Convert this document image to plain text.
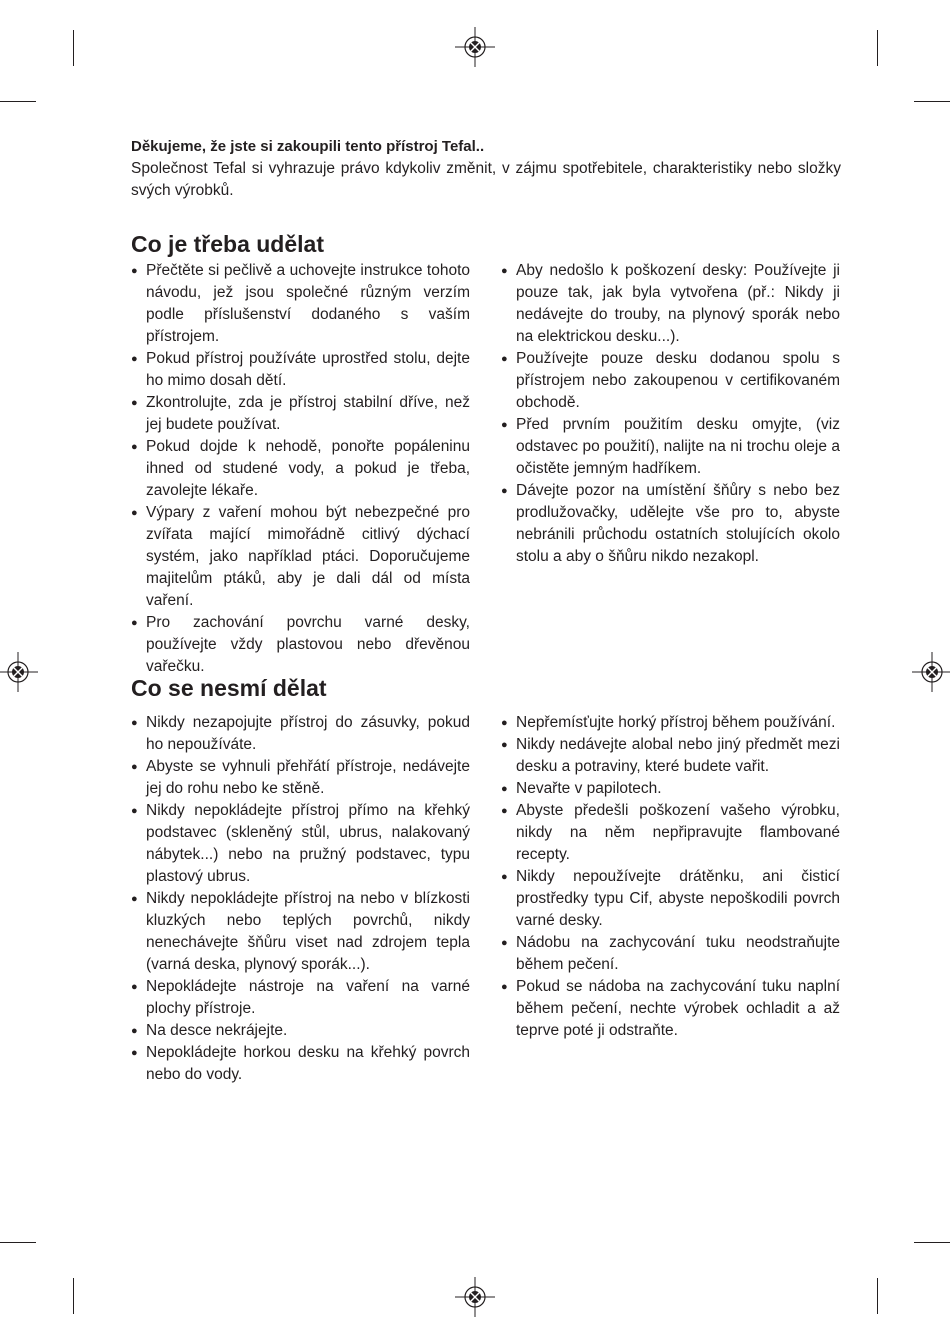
Děkujeme, že jste si zakoupili tento přístroj Tefal..

Společnost Tefal si vyhrazuje právo kdykoliv změnit, v zájmu spotřebitele, charakteristiky nebo složky svých výrobků.

Co je třeba udělat
● Přečtěte si pečlivě a uchovejte instrukce tohoto návodu, jež jsou společné různým verzím podle příslušenství dodaného s vaším přístrojem.
● Pokud přístroj používáte uprostřed stolu, dejte ho mimo dosah dětí.
● Zkontrolujte, zda je přístroj stabilní dříve, než jej budete používat.
● Pokud dojde k nehodě, ponořte popáleninu ihned od studené vody, a pokud je třeba, zavolejte lékaře.
● Výpary z vaření mohou být nebezpečné pro zvířata mající mimořádně citlivý dýchací systém, jako například ptáci. Doporučujeme majitelům ptáků, aby je dali dál od místa vaření.
● Pro zachování povrchu varné desky, používejte vždy plastovou nebo dřevěnou vařečku.
● Aby nedošlo k poškození desky: Používejte ji pouze tak, jak byla vytvořena (př.: Nikdy ji nedávejte do trouby, na plynový sporák nebo na elektrickou desku...).
● Používejte pouze desku dodanou spolu s přístrojem nebo zakoupenou v certifikovaném obchodě.
● Před prvním použitím desku omyjte, (viz odstavec po použití), nalijte na ni trochu oleje a očistěte jemným hadříkem.
● Dávejte pozor na umístění šňůry s nebo bez prodlužovačky, udělejte vše pro to, abyste nebránili průchodu ostatních stolujících okolo stolu a aby o šňůru nikdo nezakopl.
Co se nesmí dělat
● Nikdy nezapojujte přístroj do zásuvky, pokud ho nepoužíváte.
● Abyste se vyhnuli přehřátí přístroje, nedávejte jej do rohu nebo ke stěně.
● Nikdy nepokládejte přístroj přímo na křehký podstavec (skleněný stůl, ubrus, nalakovaný nábytek...) nebo na pružný podstavec, typu plastový ubrus.
● Nikdy nepokládejte přístroj na nebo v blízkosti kluzkých nebo teplých povrchů, nikdy nenechávejte šňůru viset nad zdrojem tepla (varná deska, plynový sporák...).
● Nepokládejte nástroje na vaření na varné plochy přístroje.
● Na desce nekrájejte.
● Nepokládejte horkou desku na křehký povrch nebo do vody.
● Nepřemísťujte horký přístroj během používání.
● Nikdy nedávejte alobal nebo jiný předmět mezi desku a potraviny, které budete vařit.
● Nevařte v papilotech.
● Abyste předešli poškození vašeho výrobku, nikdy na něm nepřipravujte flambované recepty.
● Nikdy nepoužívejte drátěnku, ani čisticí prostředky typu Cif, abyste nepoškodili povrch varné desky.
● Nádobu na zachycování tuku neodstraňujte během pečení.
● Pokud se nádoba na zachycování tuku naplní během pečení, nechte výrobek ochladit a až teprve poté ji odstraňte.
